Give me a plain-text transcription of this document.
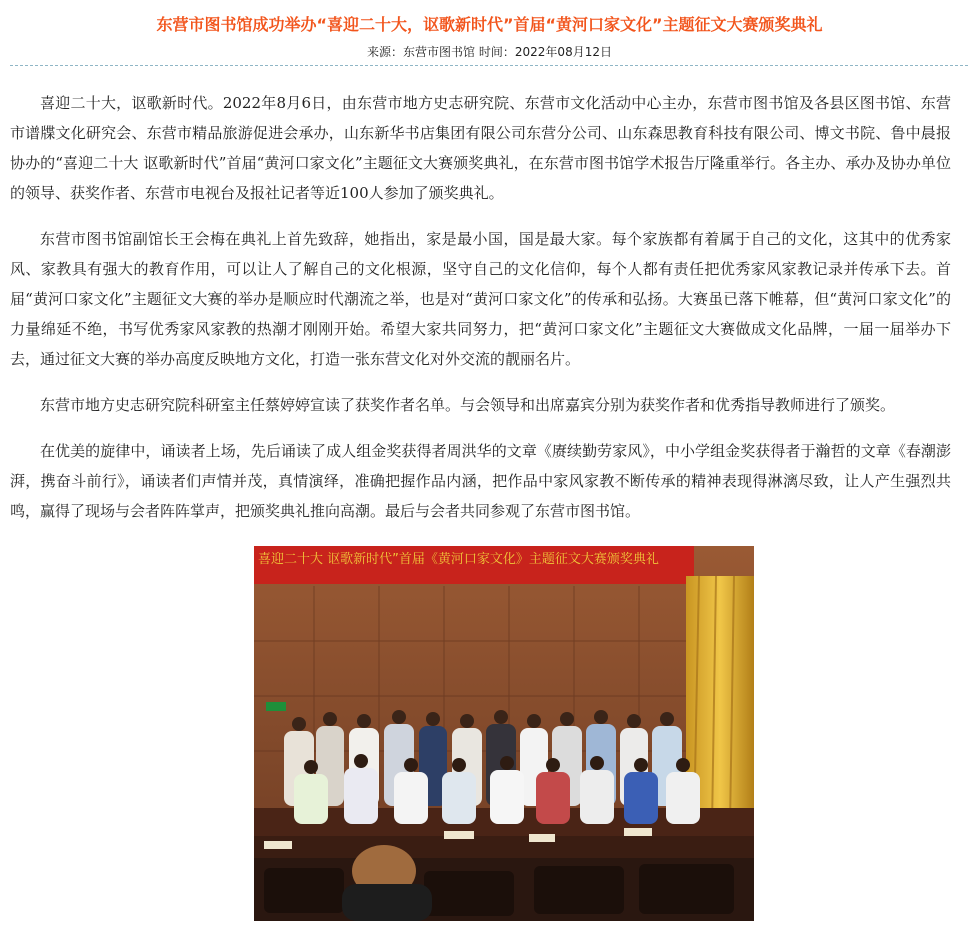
东营市图书馆成功举办“喜迎二十大，讴歌新时代”首届“黄河口家文化”主题征文大赛颁奖典礼
来源：东营市图书馆 时间：2022年08月12日

喜迎二十大，讴歌新时代。2022年8月6日，由东营市地方史志研究院、东营市文化活动中心主办，东营市图书馆及各县区图书馆、东营市谱牒文化研究会、东营市精品旅游促进会承办，山东新华书店集团有限公司东营分公司、山东森思教育科技有限公司、博文书院、鲁中晨报协办的“喜迎二十大 讴歌新时代”首届“黄河口家文化”主题征文大赛颁奖典礼，在东营市图书馆学术报告厅隆重举行。各主办、承办及协办单位的领导、获奖作者、东营市电视台及报社记者等近100人参加了颁奖典礼。

东营市图书馆副馆长王会梅在典礼上首先致辞，她指出，家是最小国，国是最大家。每个家族都有着属于自己的文化，这其中的优秀家风、家教具有强大的教育作用，可以让人了解自己的文化根源，坚守自己的文化信仰，每个人都有责任把优秀家风家教记录并传承下去。首届“黄河口家文化”主题征文大赛的举办是顺应时代潮流之举，也是对“黄河口家文化”的传承和弘扬。大赛虽已落下帷幕，但“黄河口家文化”的力量绵延不绝，书写优秀家风家教的热潮才刚刚开始。希望大家共同努力，把“黄河口家文化”主题征文大赛做成文化品牌，一届一届举办下去，通过征文大赛的举办高度反映地方文化，打造一张东营文化对外交流的靓丽名片。

东营市地方史志研究院科研室主任蔡婷婷宣读了获奖作者名单。与会领导和出席嘉宾分别为获奖作者和优秀指导教师进行了颁奖。

在优美的旋律中，诵读者上场，先后诵读了成人组金奖获得者周洪华的文章《赓续勤劳家风》，中小学组金奖获得者于瀚哲的文章《春潮澎湃，携奋斗前行》，诵读者们声情并茂，真情演绎，准确把握作品内涵，把作品中家风家教不断传承的精神表现得淋漓尽致，让人产生强烈共鸣，赢得了现场与会者阵阵掌声，把颁奖典礼推向高潮。最后与会者共同参观了东营市图书馆。

喜迎二十大 讴歌新时代”首届《黄河口家文化》主题征文大赛颁奖典礼
